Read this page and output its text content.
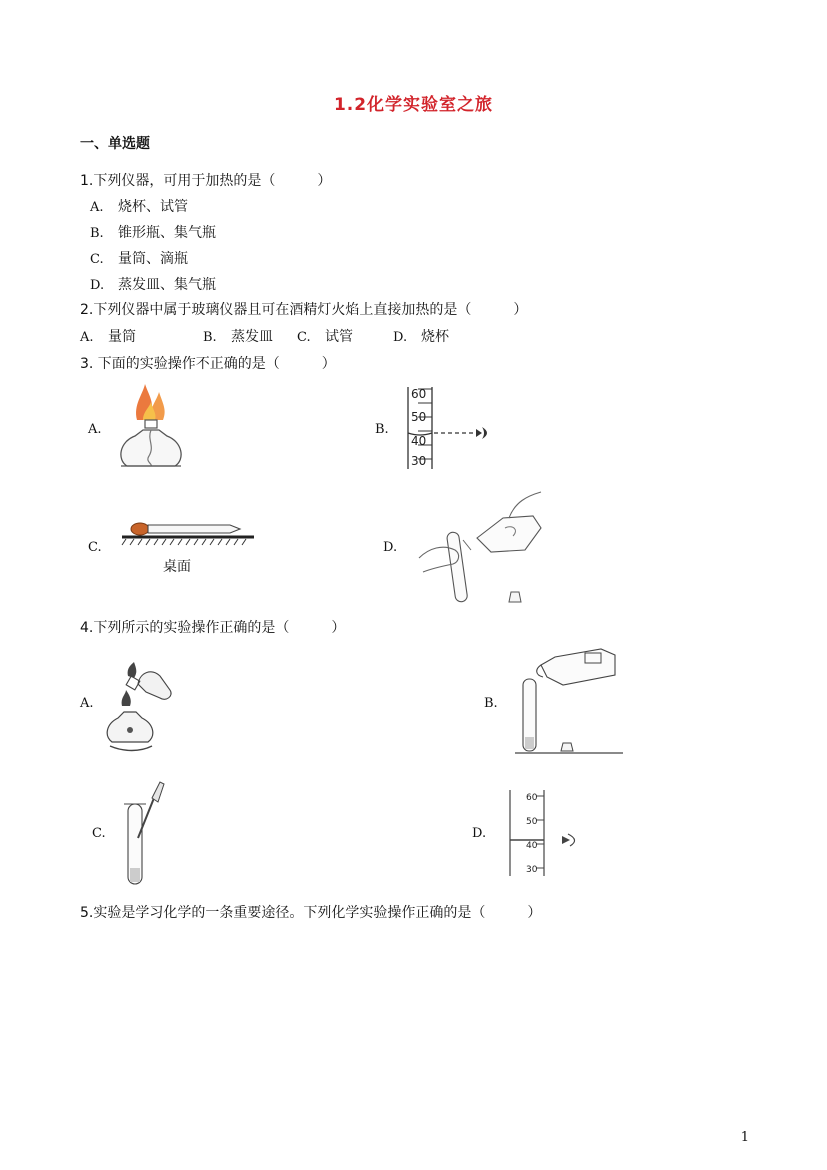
1.2化学实验室之旅
一、单选题
1.下列仪器，可用于加热的是（　　　）
A. 烧杯、试管
B. 锥形瓶、集气瓶
C. 量筒、滴瓶
D. 蒸发皿、集气瓶
2.下列仪器中属于玻璃仪器且可在酒精灯火焰上直接加热的是（　　　）
A. 量筒	B. 蒸发皿 C. 试管	D. 烧杯
3. 下面的实验操作不正确的是（　　　）
A.	B.
60
50
40
30
C.
桌面
D.
4.下列所示的实验操作正确的是（　　　）
A.	B.
C.	D.
60
50
40
30
5.实验是学习化学的一条重要途径。下列化学实验操作正确的是（　　　）
1
